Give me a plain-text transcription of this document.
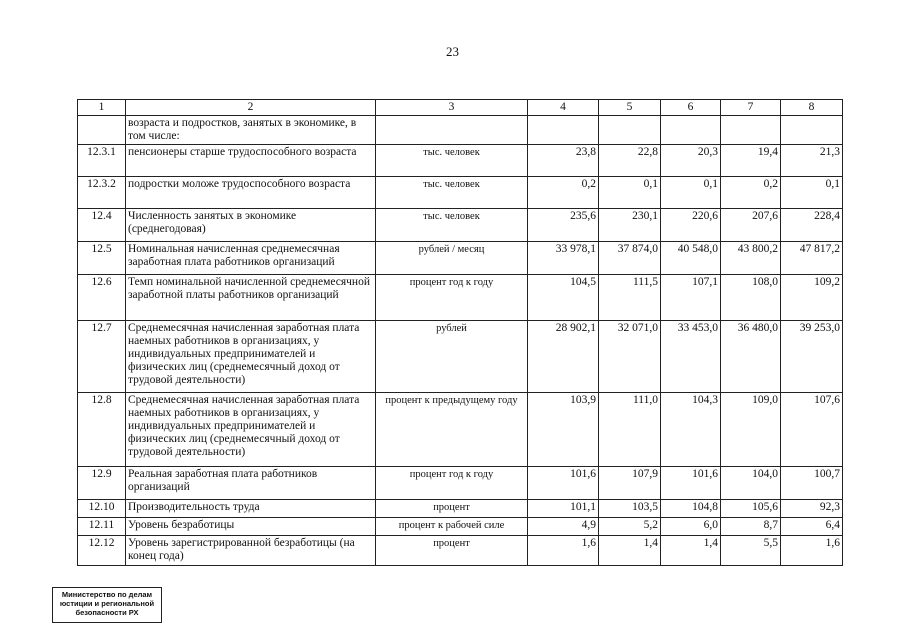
23
1	2	3	4	5	6	7	8
	возраста и подростков, занятых в экономике, в том числе:						
12.3.1	пенсионеры старше трудоспособного возраста	тыс. человек	23,8	22,8	20,3	19,4	21,3
12.3.2	подростки моложе трудоспособного возраста	тыс. человек	0,2	0,1	0,1	0,2	0,1
12.4	Численность занятых в экономике (среднегодовая)	тыс. человек	235,6	230,1	220,6	207,6	228,4
12.5	Номинальная начисленная среднемесячная заработная плата работников организаций	рублей / месяц	33 978,1	37 874,0	40 548,0	43 800,2	47 817,2
12.6	Темп номинальной начисленной среднемесячной заработной платы работников организаций	процент год к году	104,5	111,5	107,1	108,0	109,2
12.7	Среднемесячная начисленная заработная плата наемных работников в организациях, у индивидуальных предпринимателей и физических лиц (среднемесячный доход от трудовой деятельности)	рублей	28 902,1	32 071,0	33 453,0	36 480,0	39 253,0
12.8	Среднемесячная начисленная заработная плата наемных работников в организациях, у индивидуальных предпринимателей и физических лиц (среднемесячный доход от трудовой деятельности)	процент к предыдущему году	103,9	111,0	104,3	109,0	107,6
12.9	Реальная заработная плата работников организаций	процент год к году	101,6	107,9	101,6	104,0	100,7
12.10	Производительность труда	процент	101,1	103,5	104,8	105,6	92,3
12.11	Уровень безработицы	процент к рабочей силе	4,9	5,2	6,0	8,7	6,4
12.12	Уровень зарегистрированной безработицы (на конец года)	процент	1,6	1,4	1,4	5,5	1,6
Министерство по делам
юстиции и региональной
безопасности РХ
